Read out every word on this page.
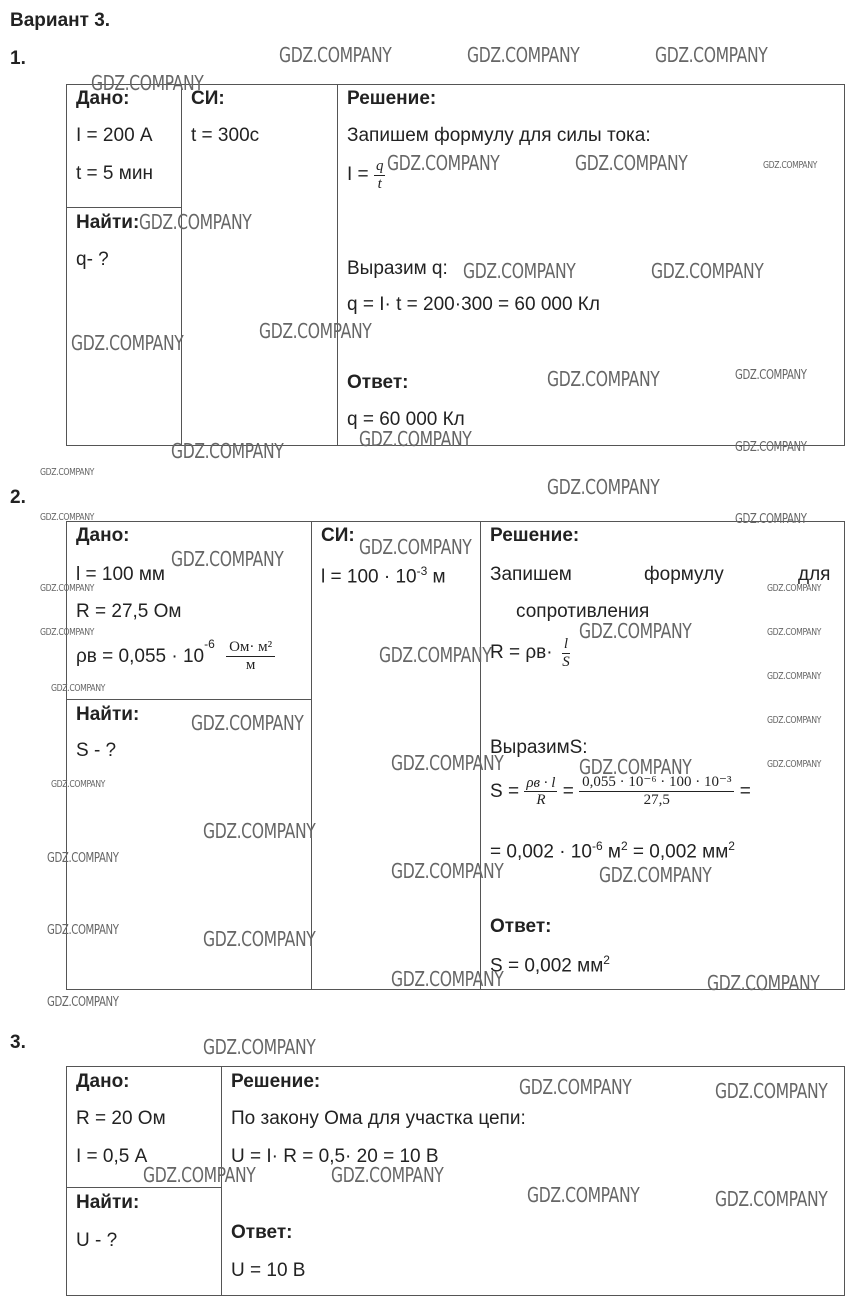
Вариант 3.
1.
Дано:
I = 200 А
t = 5 мин
Найти:
q- ?
СИ:
t = 300с
Решение:
Запишем формулу для силы тока:
$I = \frac{q}{t}$
Выразим q:
q = I· t = 200·300 = 60 000 Кл
Ответ:
q = 60 000 Кл
2.
Дано:
l = 100 мм
R = 27,5 Ом
$\rho в = 0,055 \cdot 10^{-6}$ Ом· м²
м
Найти:
S - ?
СИ:
$l = 100 \cdot 10^{-3}$ м
Решение:
Запишем	формулу	для
сопротивления
$R = \rho в\cdot \frac{l}{S}$
ВыразимS:
$S = \frac{\rho в \cdot l}{R} = \frac{\text{0,055 · 10⁻⁶ · 100 · 10⁻³}}{27,5}$ =
= $0,002 \cdot 10^{-6}$ $м^2 = 0,002$ $мм^2$
Ответ:
S = 0,002 $мм^2$
3.
Дано:
R = 20 Ом
I = 0,5 А
Найти:
U - ?
Решение:
По закону Ома для участка цепи:
U = I· R = 0,5· 20 = 10 В
Ответ:
U = 10 В
GDZ.COMPANY	GDZ.COMPANY	GDZ.COMPANY
GDZ.COMPANY
GDZ.COMPANY	GDZ.COMPANY	GDZ.COMPANY
GDZ.COMPANY
GDZ.COMPANY	GDZ.COMPANY
GDZ.COMPANY
GDZ.COMPANY
GDZ.COMPANY	GDZ.COMPANY
GDZ.COMPANY
GDZ.COMPANY	GDZ.COMPANY
GDZ.COMPANY
GDZ.COMPANY
GDZ.COMPANY	GDZ.COMPANY
GDZ.COMPANY
GDZ.COMPANY
GDZ.COMPANY	GDZ.COMPANY
GDZ.COMPANY
GDZ.COMPANY	GDZ.COMPANY
GDZ.COMPANY
GDZ.COMPANY
GDZ.COMPANY
GDZ.COMPANY	GDZ.COMPANY
GDZ.COMPANY	GDZ.COMPANY	GDZ.COMPANY
GDZ.COMPANY
GDZ.COMPANY
GDZ.COMPANY
GDZ.COMPANY	GDZ.COMPANY
GDZ.COMPANY	GDZ.COMPANY
GDZ.COMPANY	GDZ.COMPANY
GDZ.COMPANY
GDZ.COMPANY
GDZ.COMPANY	GDZ.COMPANY
GDZ.COMPANY	GDZ.COMPANY
GDZ.COMPANY	GDZ.COMPANY
